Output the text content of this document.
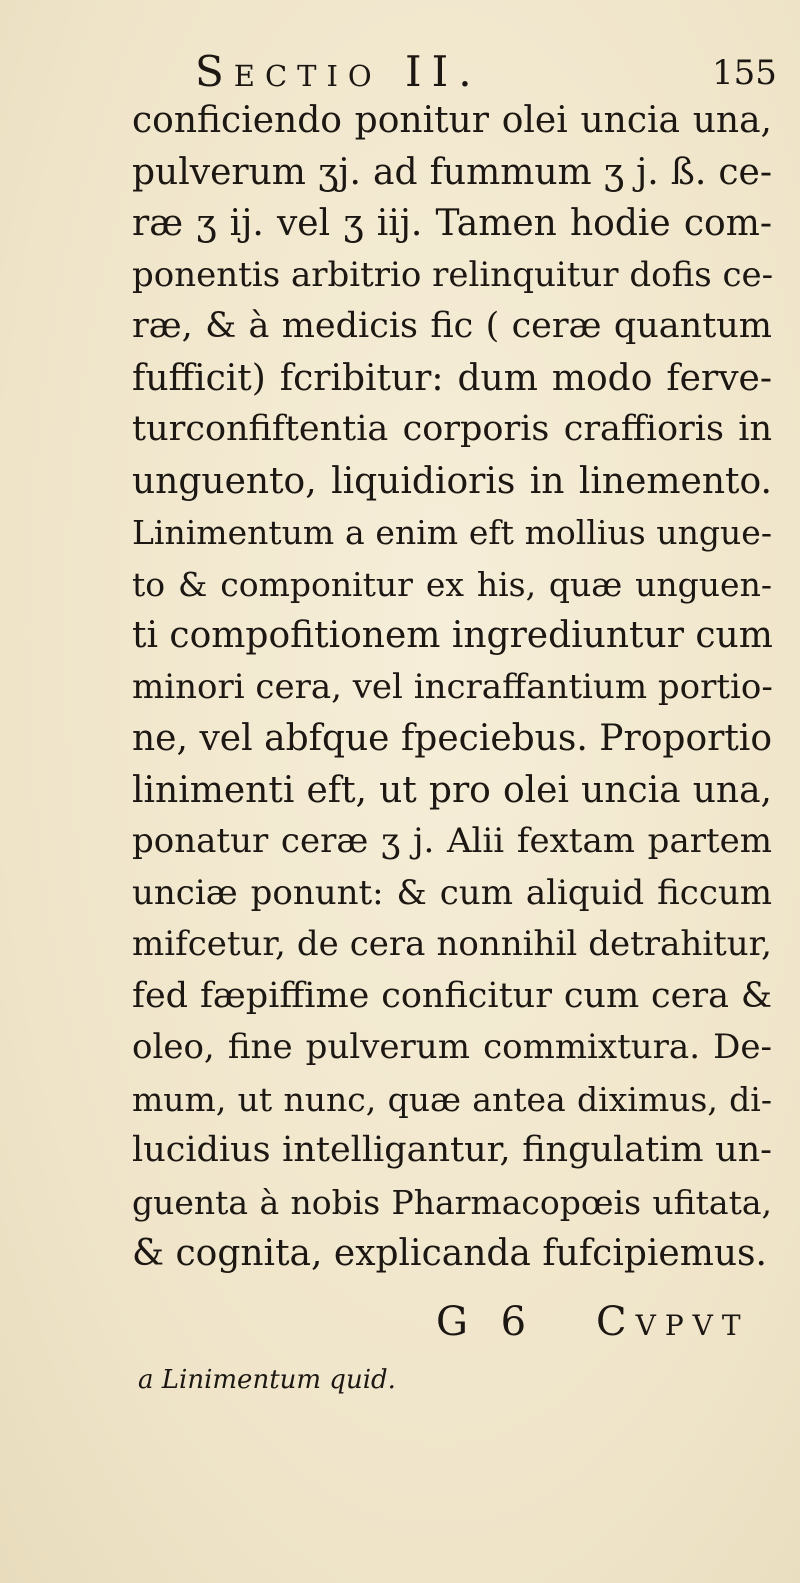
Sectio II.	155
conficiendo ponitur olei uncia una,
pulverum ʒj. ad fummum ʒ j. ß. ce-
ræ ʒ ij. vel ʒ iij. Tamen hodie com-
ponentis arbitrio relinquitur dofis ce-
ræ, & à medicis fic ( ceræ quantum
fufficit) fcribitur: dum modo ferve-
turconfiftentia corporis craffioris in
unguento, liquidioris in linemento.
Linimentum a enim eft mollius ungue-
to & componitur ex his, quæ unguen-
ti compofitionem ingrediuntur cum
minori cera, vel incraffantium portio-
ne, vel abfque fpeciebus. Proportio
linimenti eft, ut pro olei uncia una,
ponatur ceræ ʒ j. Alii fextam partem
unciæ ponunt: & cum aliquid ficcum
mifcetur, de cera nonnihil detrahitur,
fed fæpiffime conficitur cum cera &
oleo, fine pulverum commixtura. De-
mum, ut nunc, quæ antea diximus, di-
lucidius intelligantur, fingulatim un-
guenta à nobis Pharmacopœis ufitata,
& cognita, explicanda fufcipiemus.
G 6 Cvpvt
a Linimentum quid.
